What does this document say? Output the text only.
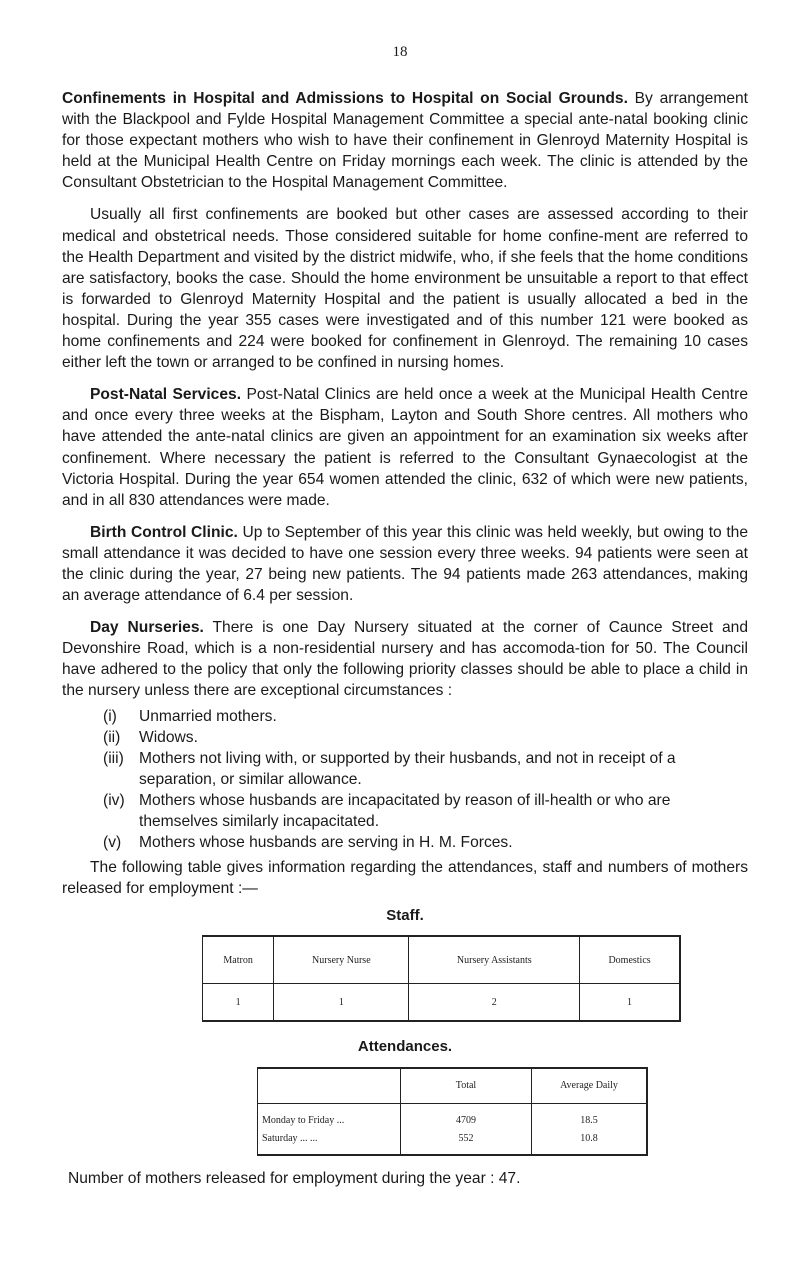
18

Confinements in Hospital and Admissions to Hospital on Social Grounds. By arrangement with the Blackpool and Fylde Hospital Management Committee a special ante-natal booking clinic for those expectant mothers who wish to have their confinement in Glenroyd Maternity Hospital is held at the Municipal Health Centre on Friday mornings each week. The clinic is attended by the Consultant Obstetrician to the Hospital Management Committee.

Usually all first confinements are booked but other cases are assessed according to their medical and obstetrical needs. Those considered suitable for home confine-ment are referred to the Health Department and visited by the district midwife, who, if she feels that the home conditions are satisfactory, books the case. Should the home environment be unsuitable a report to that effect is forwarded to Glenroyd Maternity Hospital and the patient is usually allocated a bed in the hospital. During the year 355 cases were investigated and of this number 121 were booked as home confinements and 224 were booked for confinement in Glenroyd. The remaining 10 cases either left the town or arranged to be confined in nursing homes.

Post-Natal Services. Post-Natal Clinics are held once a week at the Municipal Health Centre and once every three weeks at the Bispham, Layton and South Shore centres. All mothers who have attended the ante-natal clinics are given an appointment for an examination six weeks after confinement. Where necessary the patient is referred to the Consultant Gynaecologist at the Victoria Hospital. During the year 654 women attended the clinic, 632 of which were new patients, and in all 830 attendances were made.

Birth Control Clinic. Up to September of this year this clinic was held weekly, but owing to the small attendance it was decided to have one session every three weeks. 94 patients were seen at the clinic during the year, 27 being new patients. The 94 patients made 263 attendances, making an average attendance of 6.4 per session.

Day Nurseries. There is one Day Nursery situated at the corner of Caunce Street and Devonshire Road, which is a non-residential nursery and has accomoda-tion for 50. The Council have adhered to the policy that only the following priority classes should be able to place a child in the nursery unless there are exceptional circumstances :

(i)	Unmarried mothers.
(ii)	Widows.
(iii) Mothers not living with, or supported by their husbands, and not in receipt of a separation, or similar allowance.
(iv) Mothers whose husbands are incapacitated by reason of ill-health or who are themselves similarly incapacitated.
(v)	Mothers whose husbands are serving in H. M. Forces.

The following table gives information regarding the attendances, staff and numbers of mothers released for employment :—

Staff.
Matron	Nursery Nurse	Nursery Assistants	Domestics
1	1	2	1
Attendances.
	Total	Average Daily
Monday to Friday ...	4709	18.5
Saturday ... ...	552	10.8
Number of mothers released for employment during the year : 47.
